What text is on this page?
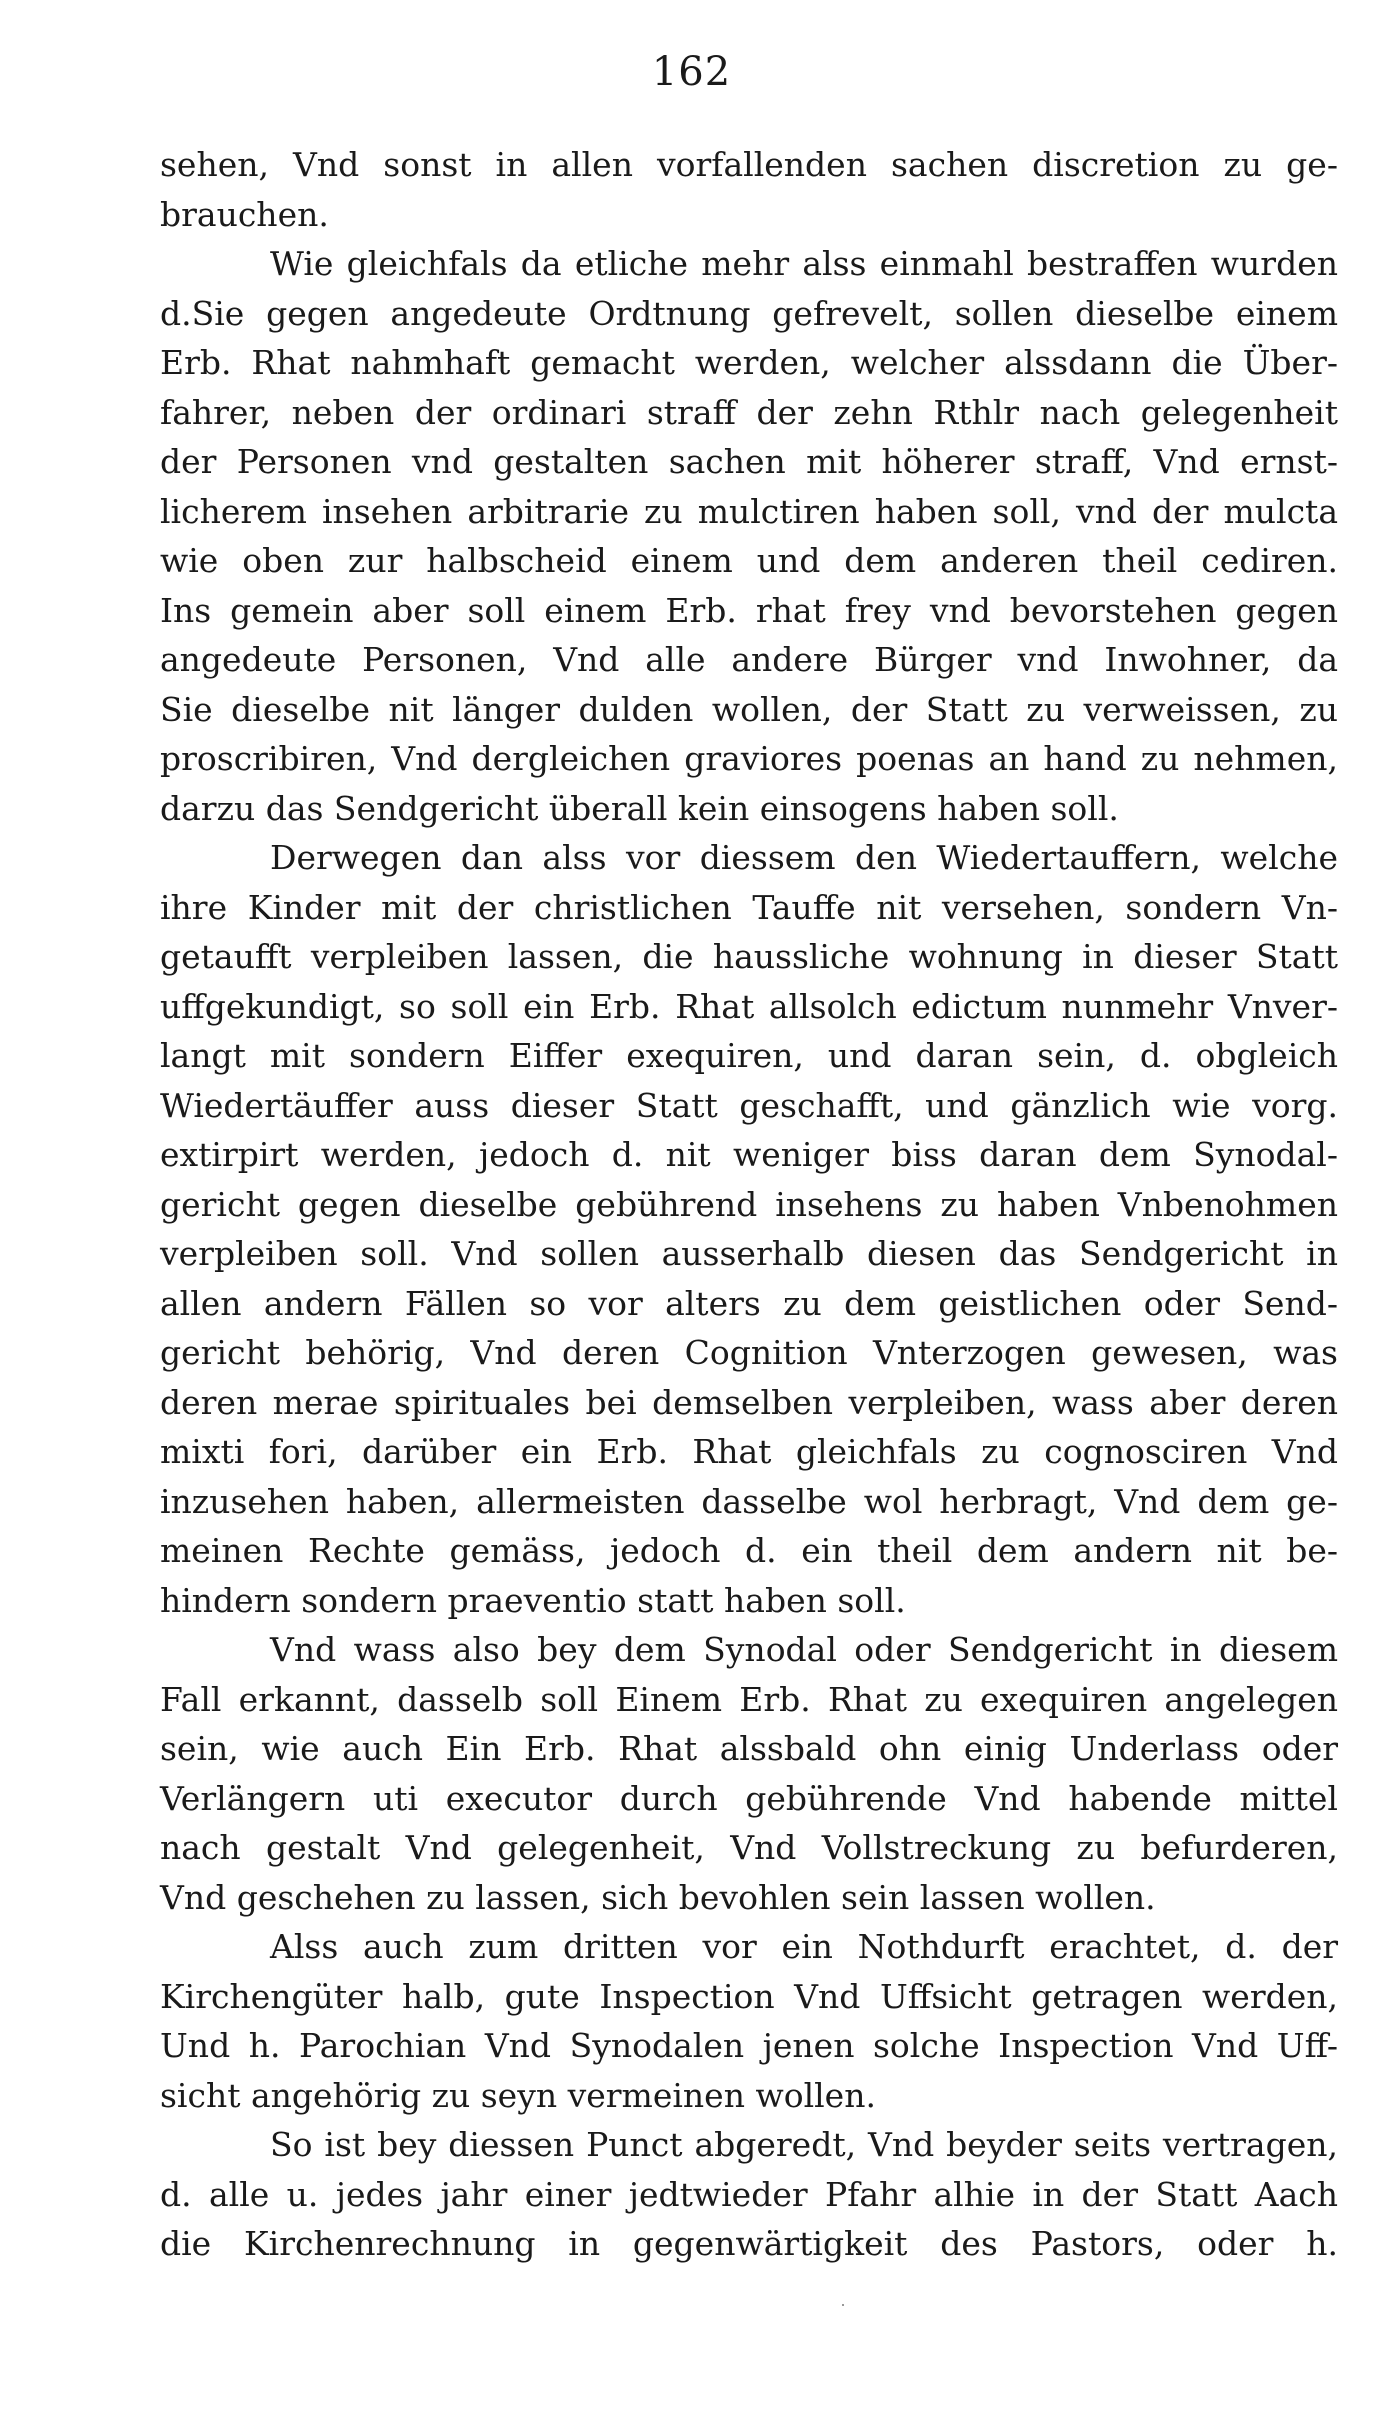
162
sehen, Vnd sonst in allen vorfallenden sachen discretion zu ge-
brauchen.
Wie gleichfals da etliche mehr alss einmahl bestraffen wurden
d.Sie gegen angedeute Ordtnung gefrevelt, sollen dieselbe einem
Erb. Rhat nahmhaft gemacht werden, welcher alssdann die Über-
fahrer, neben der ordinari straff der zehn Rthlr nach gelegenheit
der Personen vnd gestalten sachen mit höherer straff, Vnd ernst-
licherem insehen arbitrarie zu mulctiren haben soll, vnd der mulcta
wie oben zur halbscheid einem und dem anderen theil cediren.
Ins gemein aber soll einem Erb. rhat frey vnd bevorstehen gegen
angedeute Personen, Vnd alle andere Bürger vnd Inwohner, da
Sie dieselbe nit länger dulden wollen, der Statt zu verweissen, zu
proscribiren, Vnd dergleichen graviores poenas an hand zu nehmen,
darzu das Sendgericht überall kein einsogens haben soll.
Derwegen dan alss vor diessem den Wiedertauffern, welche
ihre Kinder mit der christlichen Tauffe nit versehen, sondern Vn-
getaufft verpleiben lassen, die haussliche wohnung in dieser Statt
uffgekundigt, so soll ein Erb. Rhat allsolch edictum nunmehr Vnver-
langt mit sondern Eiffer exequiren, und daran sein, d. obgleich
Wiedertäuffer auss dieser Statt geschafft, und gänzlich wie vorg.
extirpirt werden, jedoch d. nit weniger biss daran dem Synodal-
gericht gegen dieselbe gebührend insehens zu haben Vnbenohmen
verpleiben soll. Vnd sollen ausserhalb diesen das Sendgericht in
allen andern Fällen so vor alters zu dem geistlichen oder Send-
gericht behörig, Vnd deren Cognition Vnterzogen gewesen, was
deren merae spirituales bei demselben verpleiben, wass aber deren
mixti fori, darüber ein Erb. Rhat gleichfals zu cognosciren Vnd
inzusehen haben, allermeisten dasselbe wol herbragt, Vnd dem ge-
meinen Rechte gemäss, jedoch d. ein theil dem andern nit be-
hindern sondern praeventio statt haben soll.
Vnd wass also bey dem Synodal oder Sendgericht in diesem
Fall erkannt, dasselb soll Einem Erb. Rhat zu exequiren angelegen
sein, wie auch Ein Erb. Rhat alssbald ohn einig Underlass oder
Verlängern uti executor durch gebührende Vnd habende mittel
nach gestalt Vnd gelegenheit, Vnd Vollstreckung zu befurderen,
Vnd geschehen zu lassen, sich bevohlen sein lassen wollen.
Alss auch zum dritten vor ein Nothdurft erachtet, d. der
Kirchengüter halb, gute Inspection Vnd Uffsicht getragen werden,
Und h. Parochian Vnd Synodalen jenen solche Inspection Vnd Uff-
sicht angehörig zu seyn vermeinen wollen.
So ist bey diessen Punct abgeredt, Vnd beyder seits vertragen,
d. alle u. jedes jahr einer jedtwieder Pfahr alhie in der Statt Aach
die Kirchenrechnung in gegenwärtigkeit des Pastors, oder h.
